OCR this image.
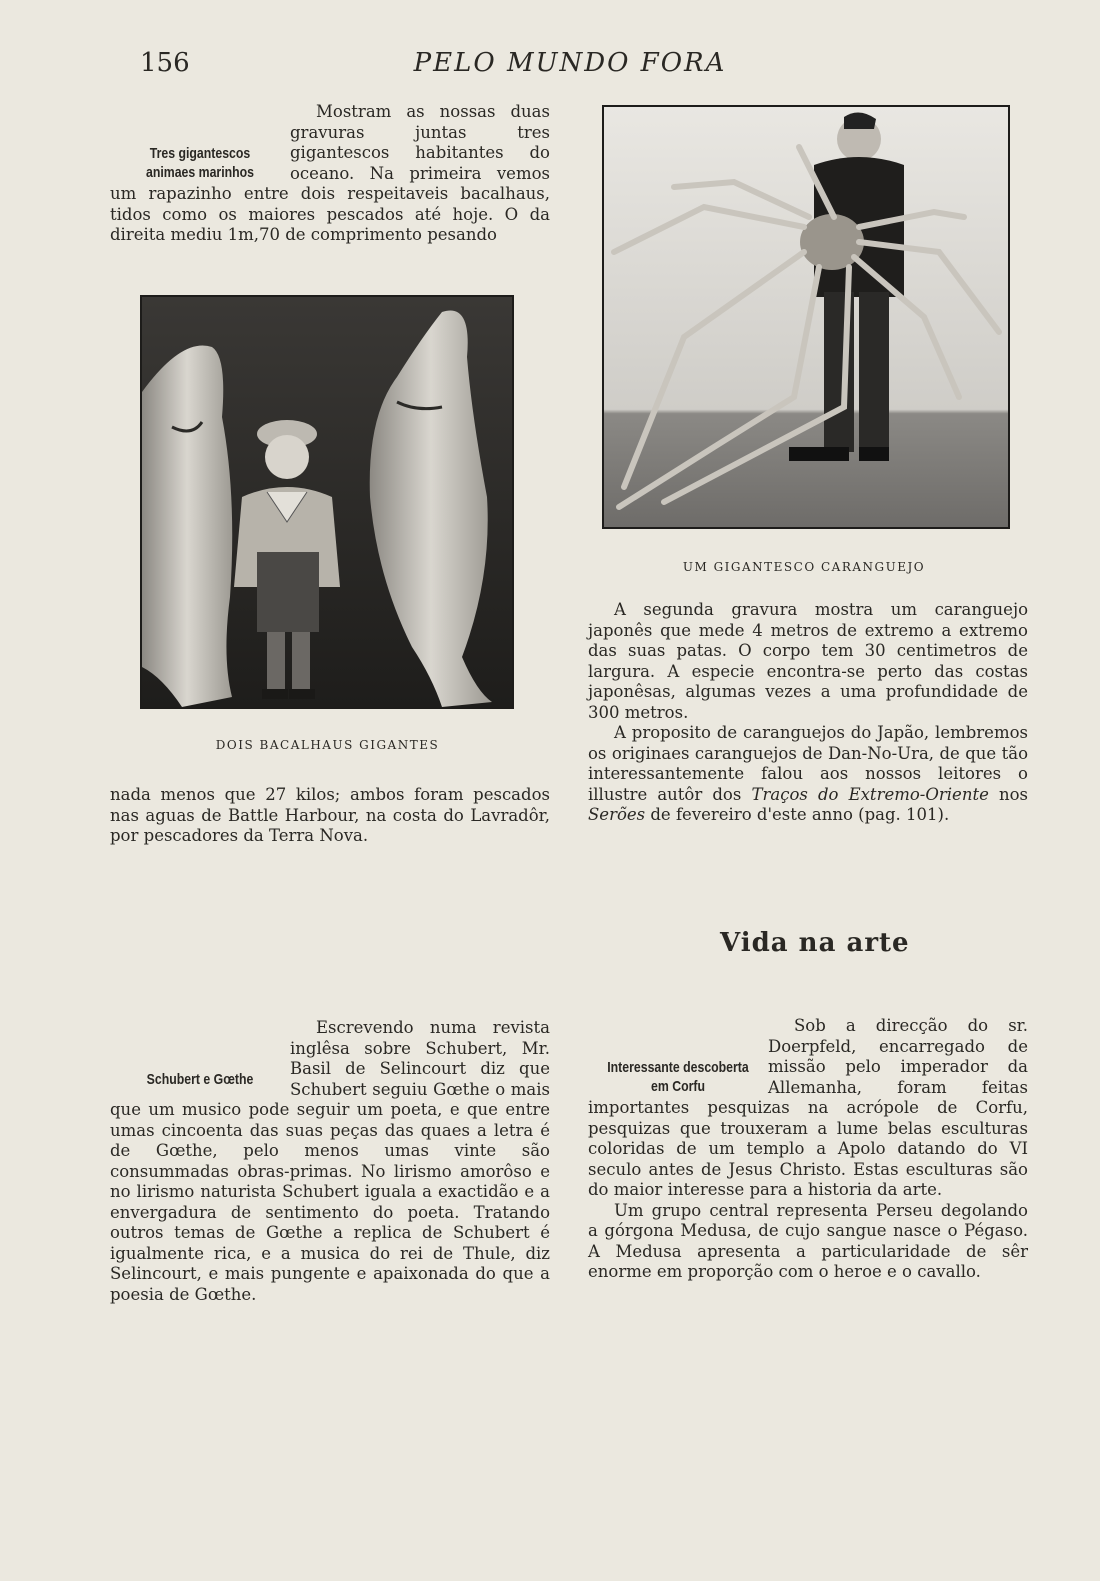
156	PELO MUNDO FORA
Tres gigantescos animaes marinhos

Mostram as nossas duas gravuras juntas tres gigantescos habitantes do oceano. Na primeira vemos um rapazinho entre dois respeitaveis bacalhaus, tidos como os maiores pescados até hoje. O da direita mediu 1m,70 de comprimento pesando

DOIS BACALHAUS GIGANTES

nada menos que 27 kilos; ambos foram pescados nas aguas de Battle Harbour, na costa do Lavradôr, por pescadores da Terra Nova.

UM GIGANTESCO CARANGUEJO

A segunda gravura mostra um caranguejo japonês que mede 4 metros de extremo a extremo das suas patas. O corpo tem 30 centimetros de largura. A especie encontra-se perto das costas japonêsas, algumas vezes a uma profundidade de 300 metros.

A proposito de caranguejos do Japão, lembremos os originaes caranguejos de Dan-No-Ura, de que tão interessantemente falou aos nossos leitores o illustre autôr dos Traços do Extremo-Oriente nos Serões de fevereiro d'este anno (pag. 101).

Vida na arte
Schubert e Gœthe

Escrevendo numa revista inglêsa sobre Schubert, Mr. Basil de Selincourt diz que Schubert seguiu Gœthe o mais que um musico pode seguir um poeta, e que entre umas cincoenta das suas peças das quaes a letra é de Gœthe, pelo menos umas vinte são consummadas obras-primas. No lirismo amorôso e no lirismo naturista Schubert iguala a exactidão e a envergadura de sentimento do poeta. Tratando outros temas de Gœthe a replica de Schubert é igualmente rica, e a musica do rei de Thule, diz Selincourt, e mais pungente e apaixonada do que a poesia de Gœthe.

Interessante descoberta em Corfu

Sob a direcção do sr. Doerpfeld, encarregado de missão pelo imperador da Allemanha, foram feitas importantes pesquizas na acrópole de Corfu, pesquizas que trouxeram a lume belas esculturas coloridas de um templo a Apolo datando do VI seculo antes de Jesus Christo. Estas esculturas são do maior interesse para a historia da arte.

Um grupo central representa Perseu degolando a górgona Medusa, de cujo sangue nasce o Pégaso. A Medusa apresenta a particularidade de sêr enorme em proporção com o heroe e o cavallo.
